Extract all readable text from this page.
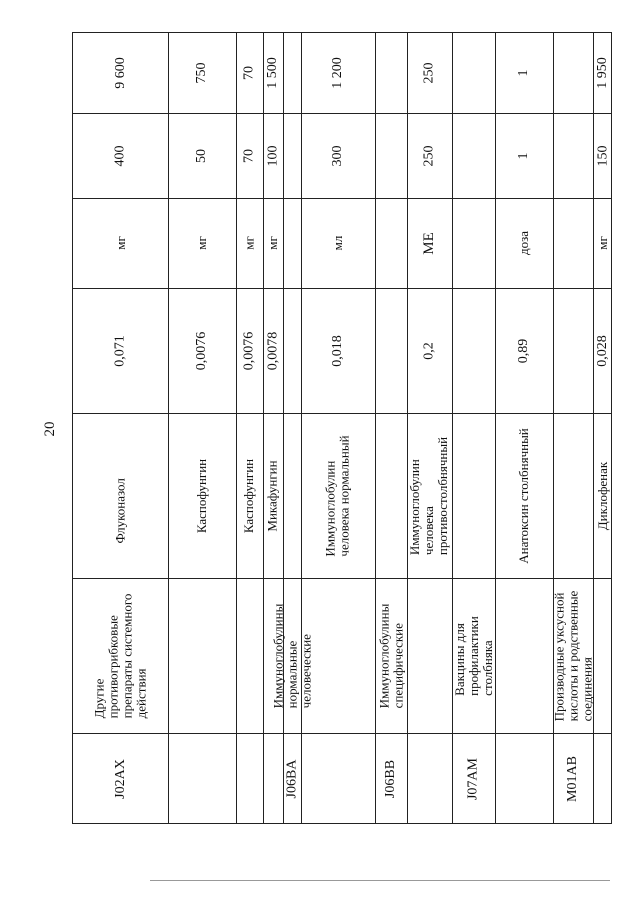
20
9 600
400
мг
0,071
Флуконазол
Другие противогрибковые препараты системного действия
J02AX
750
50
мг
0,0076
Каспофунгин
70
70
мг
0,0076
Каспофунгин
1 500
100
мг
0,0078
Микафунгин
Иммуноглобулины нормальные человеческие
J06BA
1 200
300
мл
0,018
Иммуноглобулин человека нормальный
Иммуноглобулины специфические
J06BB
250
250
МЕ
0,2
Иммуноглобулин человека противостолбнячный
Вакцины для профилактики столбняка
J07AM
1
1
доза
0,89
Анатоксин столбнячный
Производные уксусной кислоты и родственные соединения
M01AB
1 950
150
мг
0,028
Диклофенак
